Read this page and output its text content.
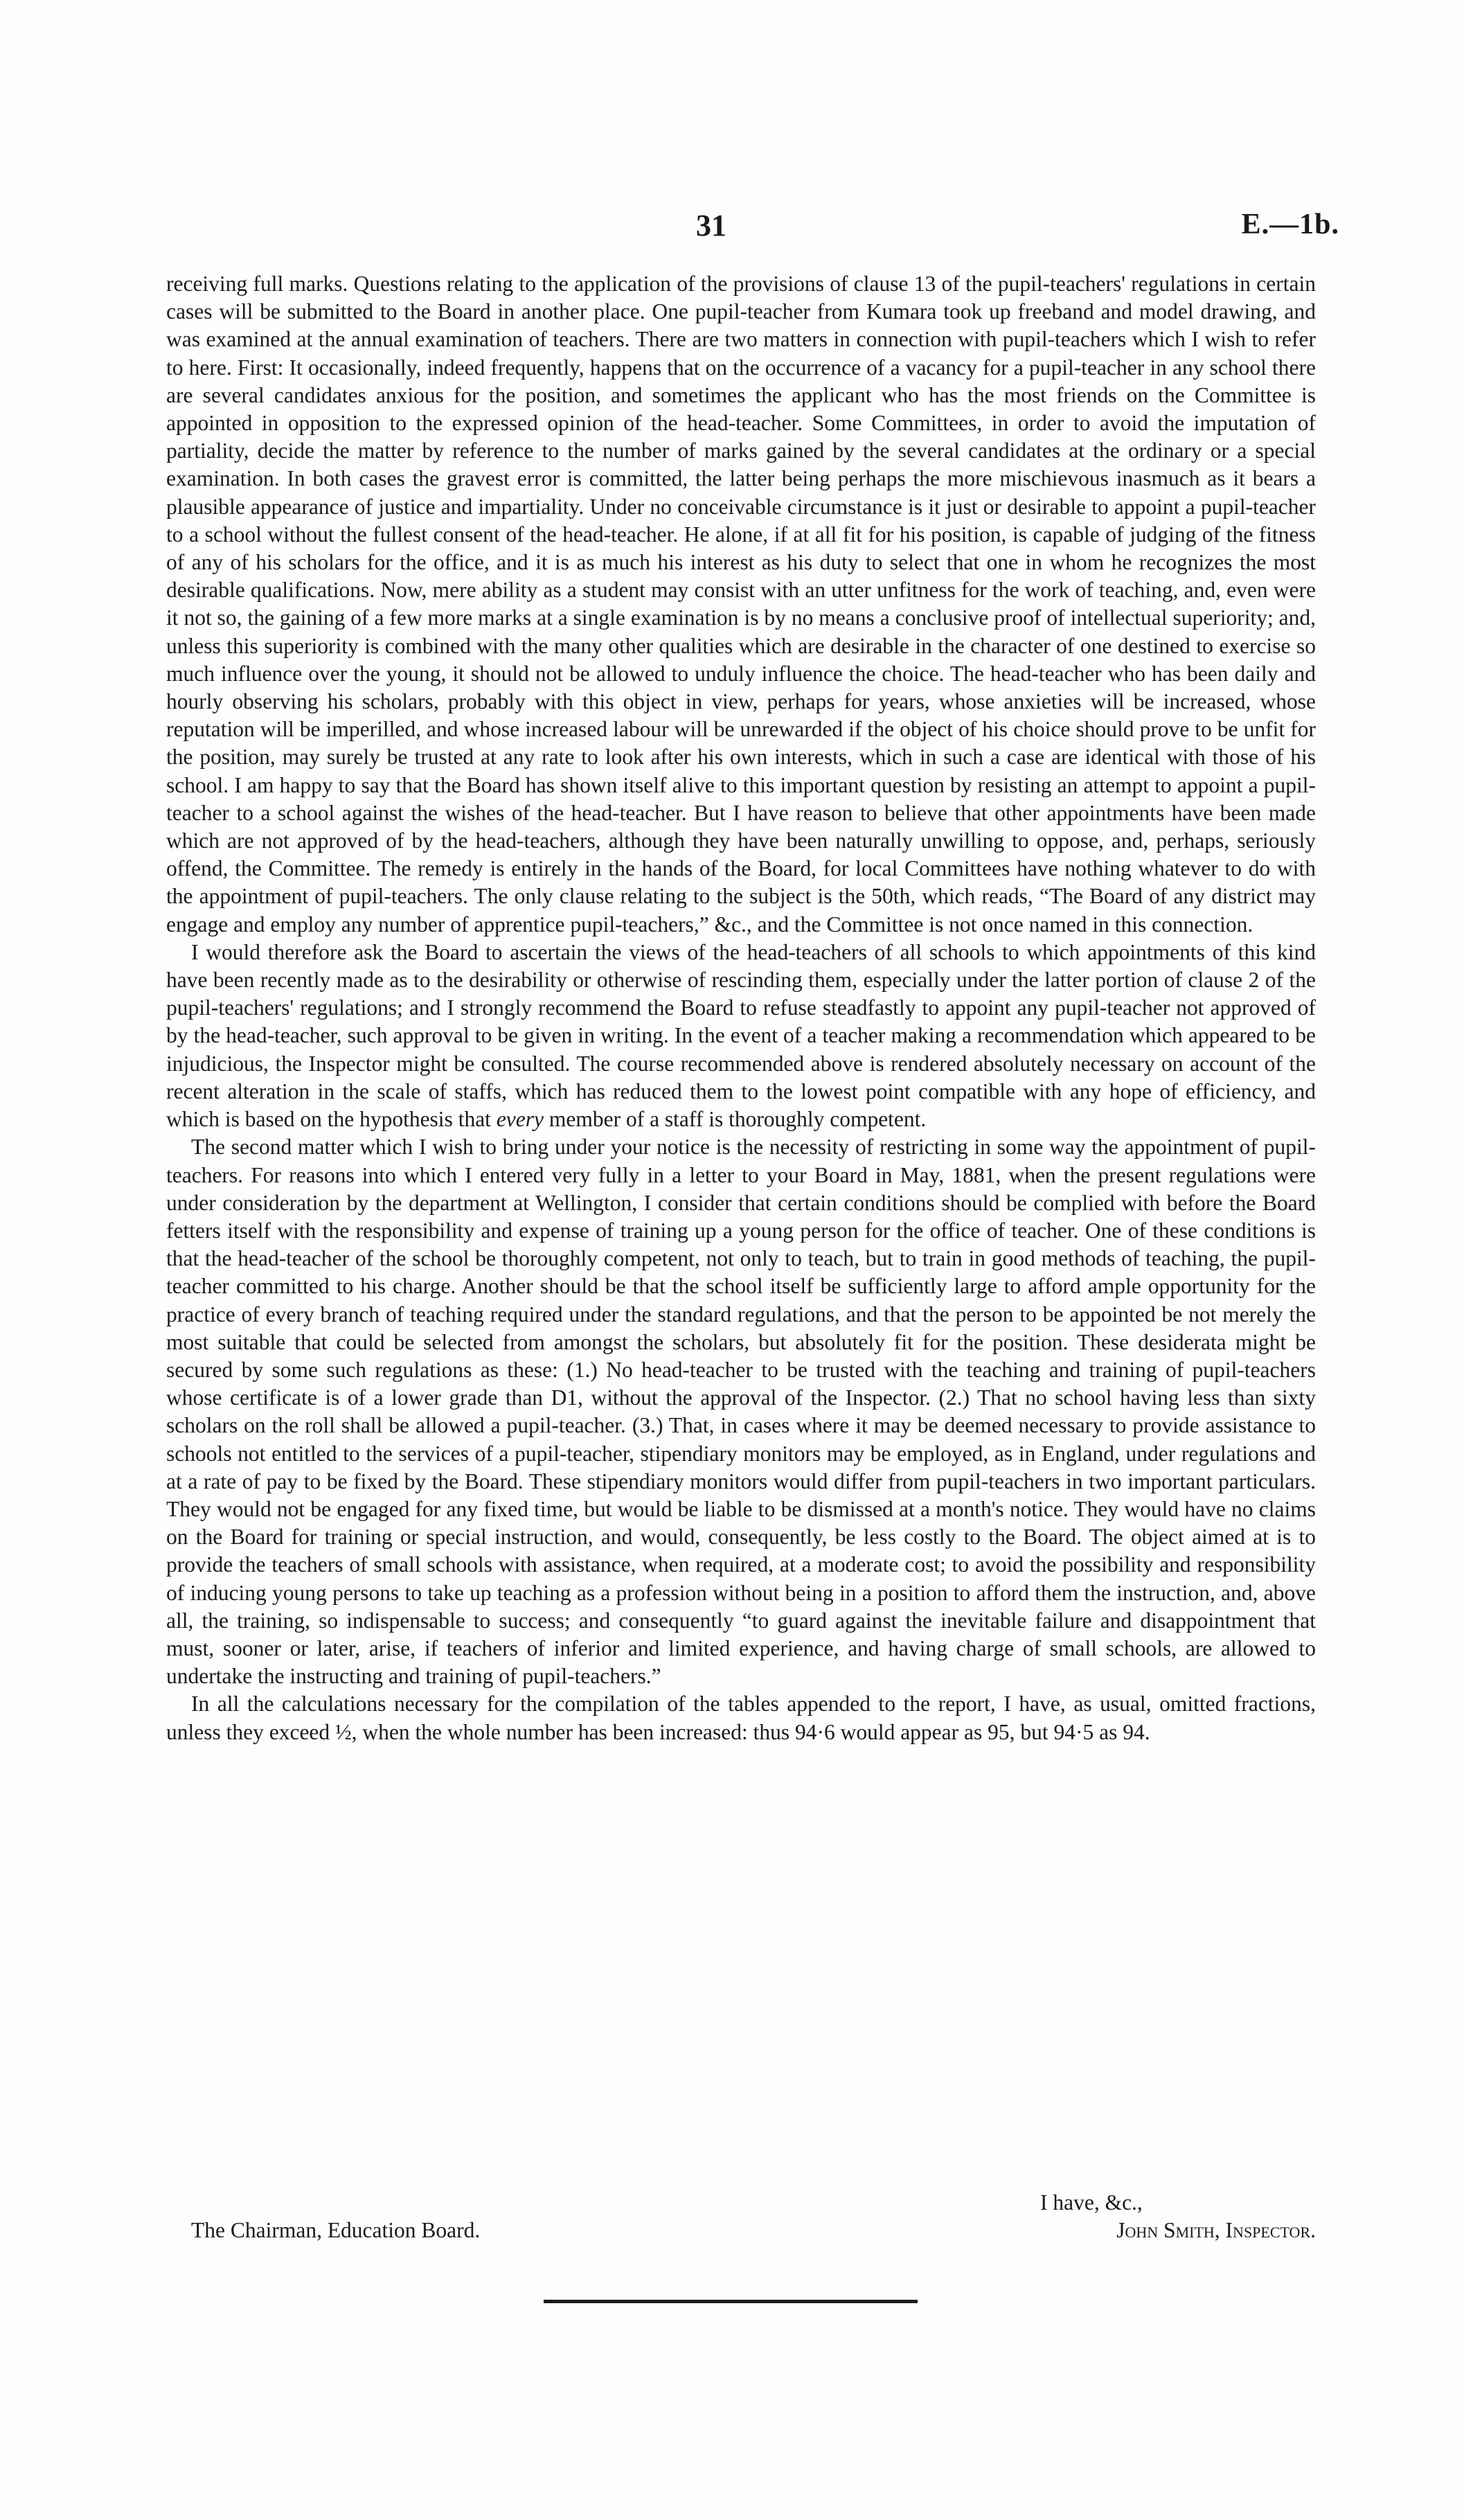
31	E.—1b.

receiving full marks. Questions relating to the application of the provisions of clause 13 of the pupil-teachers' regulations in certain cases will be submitted to the Board in another place. One pupil-teacher from Kumara took up freeband and model drawing, and was examined at the annual examination of teachers. There are two matters in connection with pupil-teachers which I wish to refer to here. First: It occasionally, indeed frequently, happens that on the occurrence of a vacancy for a pupil-teacher in any school there are several candidates anxious for the position, and sometimes the applicant who has the most friends on the Committee is appointed in opposition to the expressed opinion of the head-teacher. Some Committees, in order to avoid the imputation of partiality, decide the matter by reference to the number of marks gained by the several candidates at the ordinary or a special examination. In both cases the gravest error is committed, the latter being perhaps the more mischievous inasmuch as it bears a plausible appearance of justice and impartiality. Under no conceivable circumstance is it just or desirable to appoint a pupil-teacher to a school without the fullest consent of the head-teacher. He alone, if at all fit for his position, is capable of judging of the fitness of any of his scholars for the office, and it is as much his interest as his duty to select that one in whom he recognizes the most desirable qualifications. Now, mere ability as a student may consist with an utter unfitness for the work of teaching, and, even were it not so, the gaining of a few more marks at a single examination is by no means a conclusive proof of intellectual superiority; and, unless this superiority is combined with the many other qualities which are desirable in the character of one destined to exercise so much influence over the young, it should not be allowed to unduly influence the choice. The head-teacher who has been daily and hourly observing his scholars, probably with this object in view, perhaps for years, whose anxieties will be increased, whose reputation will be imperilled, and whose increased labour will be unrewarded if the object of his choice should prove to be unfit for the position, may surely be trusted at any rate to look after his own interests, which in such a case are identical with those of his school. I am happy to say that the Board has shown itself alive to this important question by resisting an attempt to appoint a pupil-teacher to a school against the wishes of the head-teacher. But I have reason to believe that other appointments have been made which are not approved of by the head-teachers, although they have been naturally unwilling to oppose, and, perhaps, seriously offend, the Committee. The remedy is entirely in the hands of the Board, for local Committees have nothing whatever to do with the appointment of pupil-teachers. The only clause relating to the subject is the 50th, which reads, “The Board of any district may engage and employ any number of apprentice pupil-teachers,” &c., and the Committee is not once named in this connection.

I would therefore ask the Board to ascertain the views of the head-teachers of all schools to which appointments of this kind have been recently made as to the desirability or otherwise of rescinding them, especially under the latter portion of clause 2 of the pupil-teachers' regulations; and I strongly recommend the Board to refuse steadfastly to appoint any pupil-teacher not approved of by the head-teacher, such approval to be given in writing. In the event of a teacher making a recommendation which appeared to be injudicious, the Inspector might be consulted. The course recommended above is rendered absolutely necessary on account of the recent alteration in the scale of staffs, which has reduced them to the lowest point compatible with any hope of efficiency, and which is based on the hypothesis that every member of a staff is thoroughly competent.

The second matter which I wish to bring under your notice is the necessity of restricting in some way the appointment of pupil-teachers. For reasons into which I entered very fully in a letter to your Board in May, 1881, when the present regulations were under consideration by the department at Wellington, I consider that certain conditions should be complied with before the Board fetters itself with the responsibility and expense of training up a young person for the office of teacher. One of these conditions is that the head-teacher of the school be thoroughly competent, not only to teach, but to train in good methods of teaching, the pupil-teacher committed to his charge. Another should be that the school itself be sufficiently large to afford ample opportunity for the practice of every branch of teaching required under the standard regulations, and that the person to be appointed be not merely the most suitable that could be selected from amongst the scholars, but absolutely fit for the position. These desiderata might be secured by some such regulations as these: (1.) No head-teacher to be trusted with the teaching and training of pupil-teachers whose certificate is of a lower grade than D1, without the approval of the Inspector. (2.) That no school having less than sixty scholars on the roll shall be allowed a pupil-teacher. (3.) That, in cases where it may be deemed necessary to provide assistance to schools not entitled to the services of a pupil-teacher, stipendiary monitors may be employed, as in England, under regulations and at a rate of pay to be fixed by the Board. These stipendiary monitors would differ from pupil-teachers in two important particulars. They would not be engaged for any fixed time, but would be liable to be dismissed at a month's notice. They would have no claims on the Board for training or special instruction, and would, consequently, be less costly to the Board. The object aimed at is to provide the teachers of small schools with assistance, when required, at a moderate cost; to avoid the possibility and responsibility of inducing young persons to take up teaching as a profession without being in a position to afford them the instruction, and, above all, the training, so indispensable to success; and consequently “to guard against the inevitable failure and disappointment that must, sooner or later, arise, if teachers of inferior and limited experience, and having charge of small schools, are allowed to undertake the instructing and training of pupil-teachers.”

In all the calculations necessary for the compilation of the tables appended to the report, I have, as usual, omitted fractions, unless they exceed ½, when the whole number has been increased: thus 94·6 would appear as 95, but 94·5 as 94.

I have, &c.,
The Chairman, Education Board.	John Smith, Inspector.
